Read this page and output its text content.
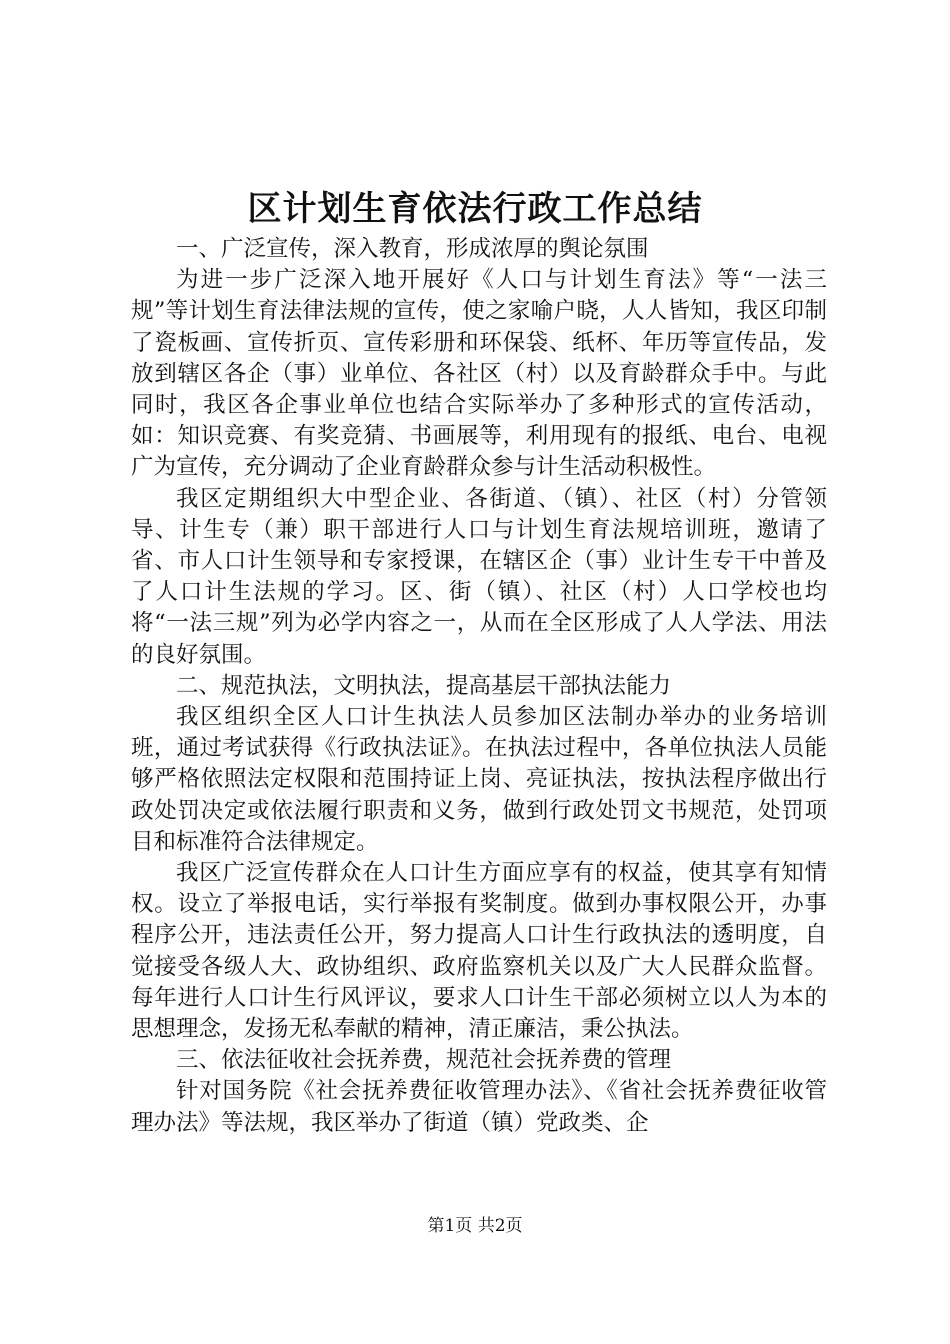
区计划生育依法行政工作总结

一、广泛宣传，深入教育，形成浓厚的舆论氛围

为进一步广泛深入地开展好《人口与计划生育法》等“一法三规”等计划生育法律法规的宣传，使之家喻户晓，人人皆知，我区印制了瓷板画、宣传折页、宣传彩册和环保袋、纸杯、年历等宣传品，发放到辖区各企（事）业单位、各社区（村）以及育龄群众手中。与此同时，我区各企事业单位也结合实际举办了多种形式的宣传活动，如：知识竞赛、有奖竞猜、书画展等，利用现有的报纸、电台、电视广为宣传，充分调动了企业育龄群众参与计生活动积极性。

我区定期组织大中型企业、各街道、（镇）、社区（村）分管领导、计生专（兼）职干部进行人口与计划生育法规培训班，邀请了省、市人口计生领导和专家授课，在辖区企（事）业计生专干中普及了人口计生法规的学习。区、街（镇）、社区（村）人口学校也均将“一法三规”列为必学内容之一，从而在全区形成了人人学法、用法的良好氛围。

二、规范执法，文明执法，提高基层干部执法能力

我区组织全区人口计生执法人员参加区法制办举办的业务培训班，通过考试获得《行政执法证》。在执法过程中，各单位执法人员能够严格依照法定权限和范围持证上岗、亮证执法，按执法程序做出行政处罚决定或依法履行职责和义务，做到行政处罚文书规范，处罚项目和标准符合法律规定。

我区广泛宣传群众在人口计生方面应享有的权益，使其享有知情权。设立了举报电话，实行举报有奖制度。做到办事权限公开，办事程序公开，违法责任公开，努力提高人口计生行政执法的透明度，自觉接受各级人大、政协组织、政府监察机关以及广大人民群众监督。每年进行人口计生行风评议，要求人口计生干部必须树立以人为本的思想理念，发扬无私奉献的精神，清正廉洁，秉公执法。

三、依法征收社会抚养费，规范社会抚养费的管理

针对国务院《社会抚养费征收管理办法》、《省社会抚养费征收管理办法》等法规，我区举办了街道（镇）党政类、企

第1页 共2页
